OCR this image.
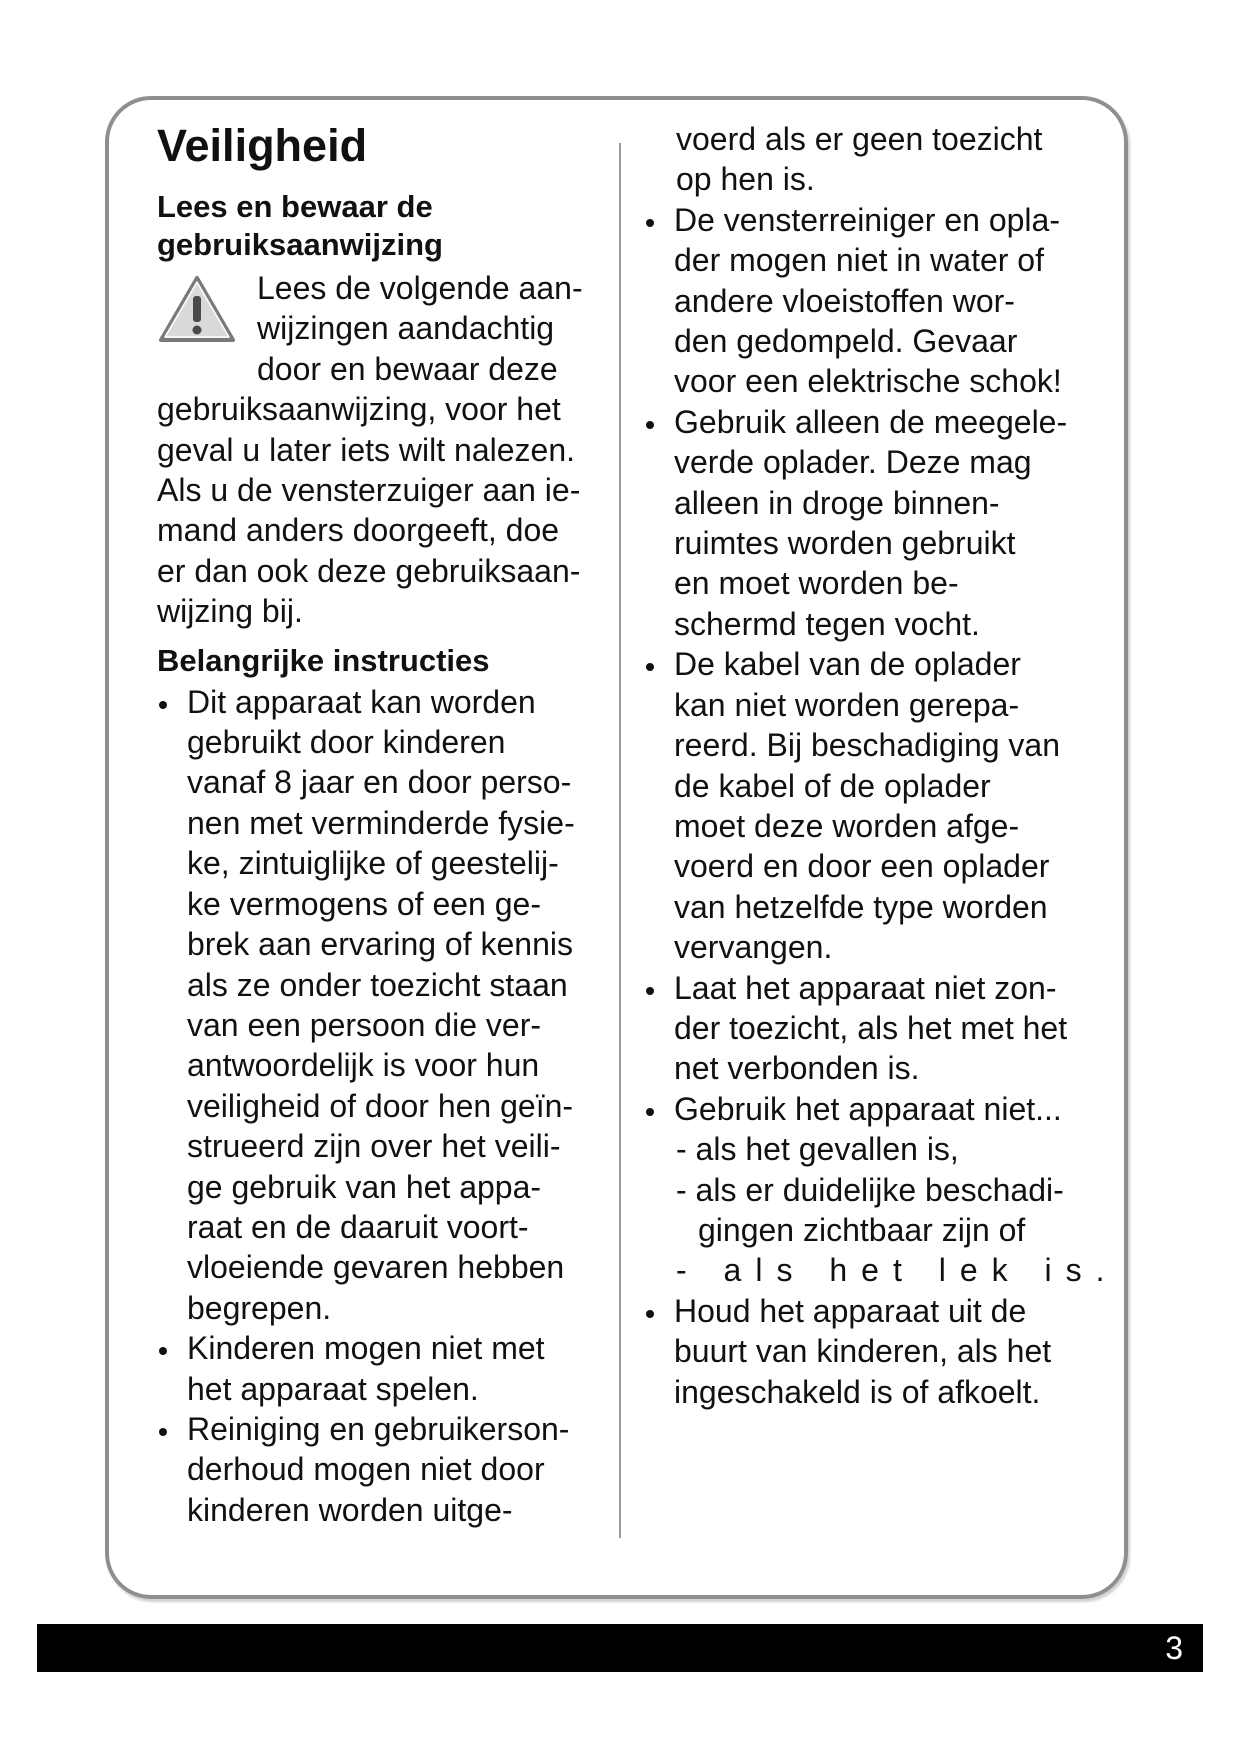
Veiligheid
Lees en bewaar de
gebruiksaanwijzing
Lees de volgende aan-
wijzingen aandachtig
door en bewaar deze
gebruiksaanwijzing, voor het
geval u later iets wilt nalezen.
Als u de vensterzuiger aan ie-
mand anders doorgeeft, doe
er dan ook deze gebruiksaan-
wijzing bij.
Belangrijke instructies
Dit apparaat kan worden
gebruikt door kinderen
vanaf 8 jaar en door perso-
nen met verminderde fysie-
ke, zintuiglijke of geestelij-
ke vermogens of een ge-
brek aan ervaring of kennis
als ze onder toezicht staan
van een persoon die ver-
antwoordelijk is voor hun
veiligheid of door hen geïn-
strueerd zijn over het veili-
ge gebruik van het appa-
raat en de daaruit voort-
vloeiende gevaren hebben
begrepen.
Kinderen mogen niet met
het apparaat spelen.
Reiniging en gebruikerson-
derhoud mogen niet door
kinderen worden uitge-
voerd als er geen toezicht
op hen is.
De vensterreiniger en opla-
der mogen niet in water of
andere vloeistoffen wor-
den gedompeld. Gevaar
voor een elektrische schok!
Gebruik alleen de meegele-
verde oplader. Deze mag
alleen in droge binnen-
ruimtes worden gebruikt
en moet worden be-
schermd tegen vocht.
De kabel van de oplader
kan niet worden gerepa-
reerd. Bij beschadiging van
de kabel of de oplader
moet deze worden afge-
voerd en door een oplader
van hetzelfde type worden
vervangen.
Laat het apparaat niet zon-
der toezicht, als het met het
net verbonden is.
Gebruik het apparaat niet...
- als het gevallen is,
- als er duidelijke beschadi-
gingen zichtbaar zijn of
- als het lek is.
Houd het apparaat uit de
buurt van kinderen, als het
ingeschakeld is of afkoelt.
3
